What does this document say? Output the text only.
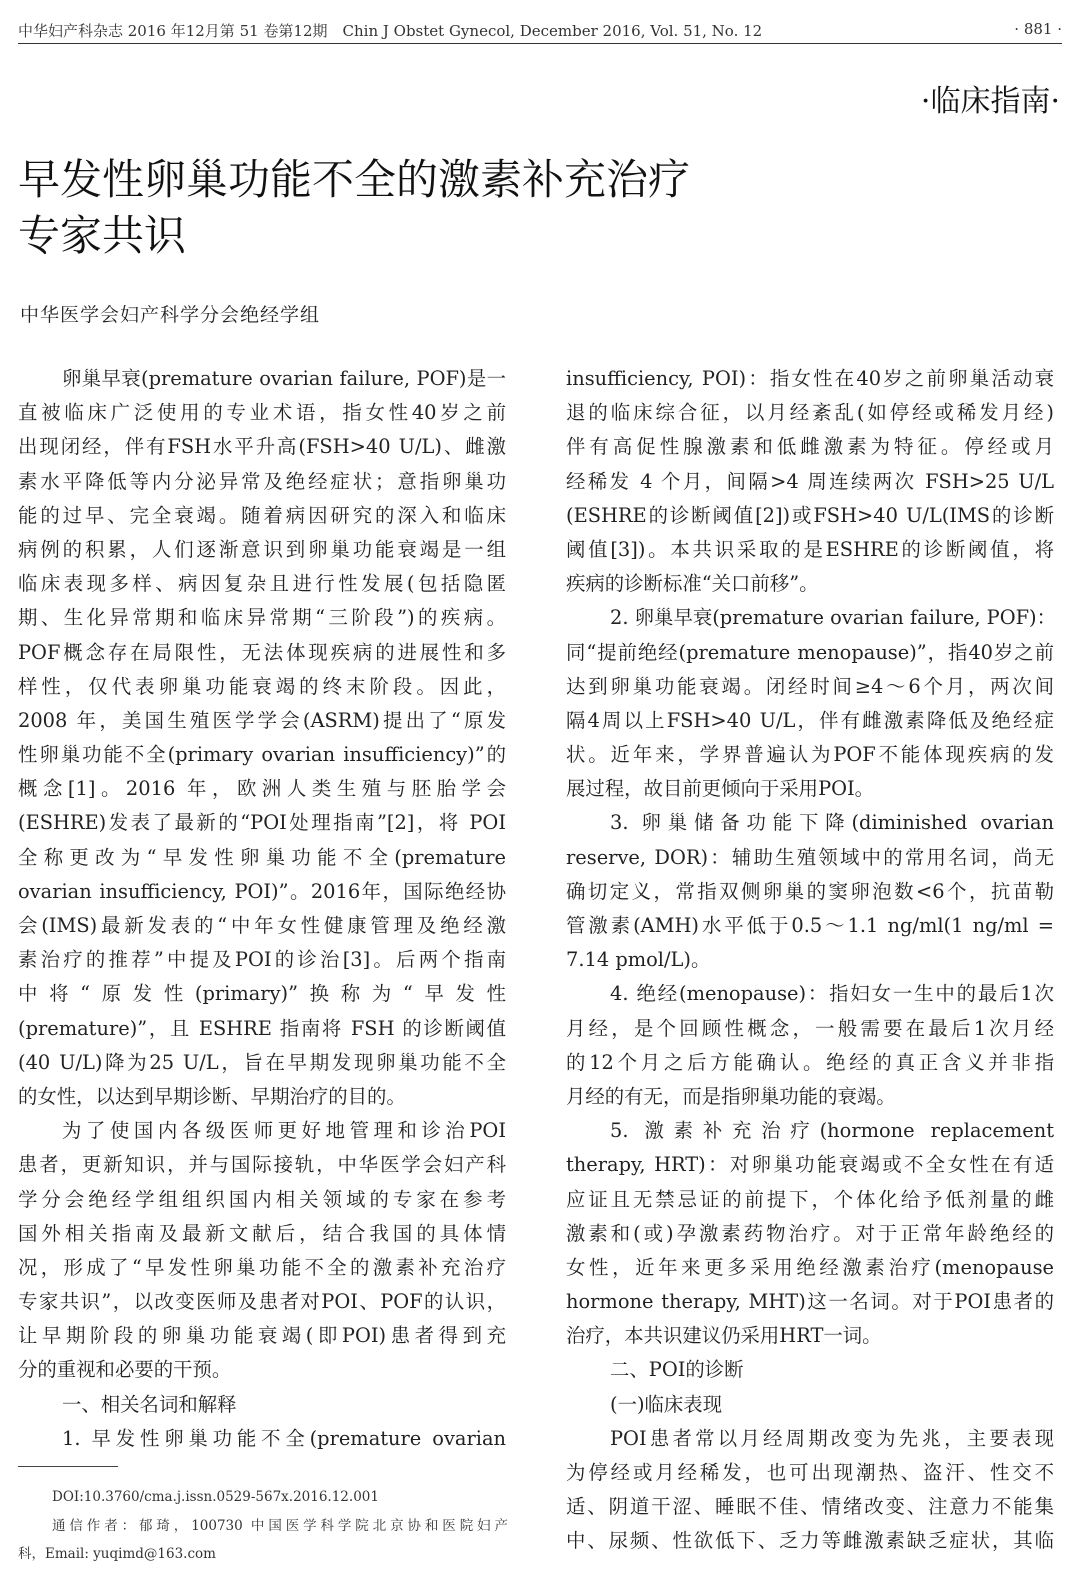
中华妇产科杂志 2016 年12月第 51 卷第12期　Chin J Obstet Gynecol, December 2016, Vol. 51, No. 12	· 881 ·
·临床指南·
早发性卵巢功能不全的激素补充治疗
专家共识
中华医学会妇产科学分会绝经学组
卵巢早衰(premature ovarian failure, POF)是一
直被临床广泛使用的专业术语，指女性40岁之前
出现闭经，伴有FSH水平升高(FSH>40 U/L)、雌激
素水平降低等内分泌异常及绝经症状；意指卵巢功
能的过早、完全衰竭。随着病因研究的深入和临床
病例的积累，人们逐渐意识到卵巢功能衰竭是一组
临床表现多样、病因复杂且进行性发展(包括隐匿
期、生化异常期和临床异常期“三阶段”)的疾病。
POF概念存在局限性，无法体现疾病的进展性和多
样性，仅代表卵巢功能衰竭的终末阶段。因此，
2008 年，美国生殖医学学会(ASRM)提出了“原发
性卵巢功能不全(primary ovarian insufficiency)”的
概念[1]。2016 年，欧洲人类生殖与胚胎学会
(ESHRE)发表了最新的“POI处理指南”[2]，将 POI
全称更改为“早发性卵巢功能不全(premature
ovarian insufficiency, POI)”。2016年，国际绝经协
会(IMS)最新发表的“中年女性健康管理及绝经激
素治疗的推荐”中提及POI的诊治[3]。后两个指南
中将“原发性(primary)”换称为“早发性
(premature)”，且 ESHRE 指南将 FSH 的诊断阈值
(40 U/L)降为25 U/L，旨在早期发现卵巢功能不全
的女性，以达到早期诊断、早期治疗的目的。
为了使国内各级医师更好地管理和诊治POI
患者，更新知识，并与国际接轨，中华医学会妇产科
学分会绝经学组组织国内相关领域的专家在参考
国外相关指南及最新文献后，结合我国的具体情
况，形成了“早发性卵巢功能不全的激素补充治疗
专家共识”，以改变医师及患者对POI、POF的认识，
让早期阶段的卵巢功能衰竭(即POI)患者得到充
分的重视和必要的干预。
一、相关名词和解释
1. 早发性卵巢功能不全(premature ovarian
insufficiency, POI)：指女性在40岁之前卵巢活动衰
退的临床综合征，以月经紊乱(如停经或稀发月经)
伴有高促性腺激素和低雌激素为特征。停经或月
经稀发 4 个月，间隔>4 周连续两次 FSH>25 U/L
(ESHRE的诊断阈值[2])或FSH>40 U/L(IMS的诊断
阈值[3])。本共识采取的是ESHRE的诊断阈值，将
疾病的诊断标准“关口前移”。
2. 卵巢早衰(premature ovarian failure, POF)：
同“提前绝经(premature menopause)”，指40岁之前
达到卵巢功能衰竭。闭经时间≥4～6个月，两次间
隔4周以上FSH>40 U/L，伴有雌激素降低及绝经症
状。近年来，学界普遍认为POF不能体现疾病的发
展过程，故目前更倾向于采用POI。
3. 卵巢储备功能下降(diminished ovarian
reserve, DOR)：辅助生殖领域中的常用名词，尚无
确切定义，常指双侧卵巢的窦卵泡数<6个，抗苗勒
管激素(AMH)水平低于0.5～1.1 ng/ml(1 ng/ml =
7.14 pmol/L)。
4. 绝经(menopause)：指妇女一生中的最后1次
月经，是个回顾性概念，一般需要在最后1次月经
的12个月之后方能确认。绝经的真正含义并非指
月经的有无，而是指卵巢功能的衰竭。
5. 激素补充治疗(hormone replacement
therapy, HRT)：对卵巢功能衰竭或不全女性在有适
应证且无禁忌证的前提下，个体化给予低剂量的雌
激素和(或)孕激素药物治疗。对于正常年龄绝经的
女性，近年来更多采用绝经激素治疗(menopause
hormone therapy, MHT)这一名词。对于POI患者的
治疗，本共识建议仍采用HRT一词。
二、POI的诊断
(一)临床表现
POI患者常以月经周期改变为先兆，主要表现
为停经或月经稀发，也可出现潮热、盗汗、性交不
适、阴道干涩、睡眠不佳、情绪改变、注意力不能集
中、尿频、性欲低下、乏力等雌激素缺乏症状，其临
DOI:10.3760/cma.j.issn.0529-567x.2016.12.001
通信作者：郁琦，100730 中国医学科学院北京协和医院妇产
科，Email: yuqimd@163.com
